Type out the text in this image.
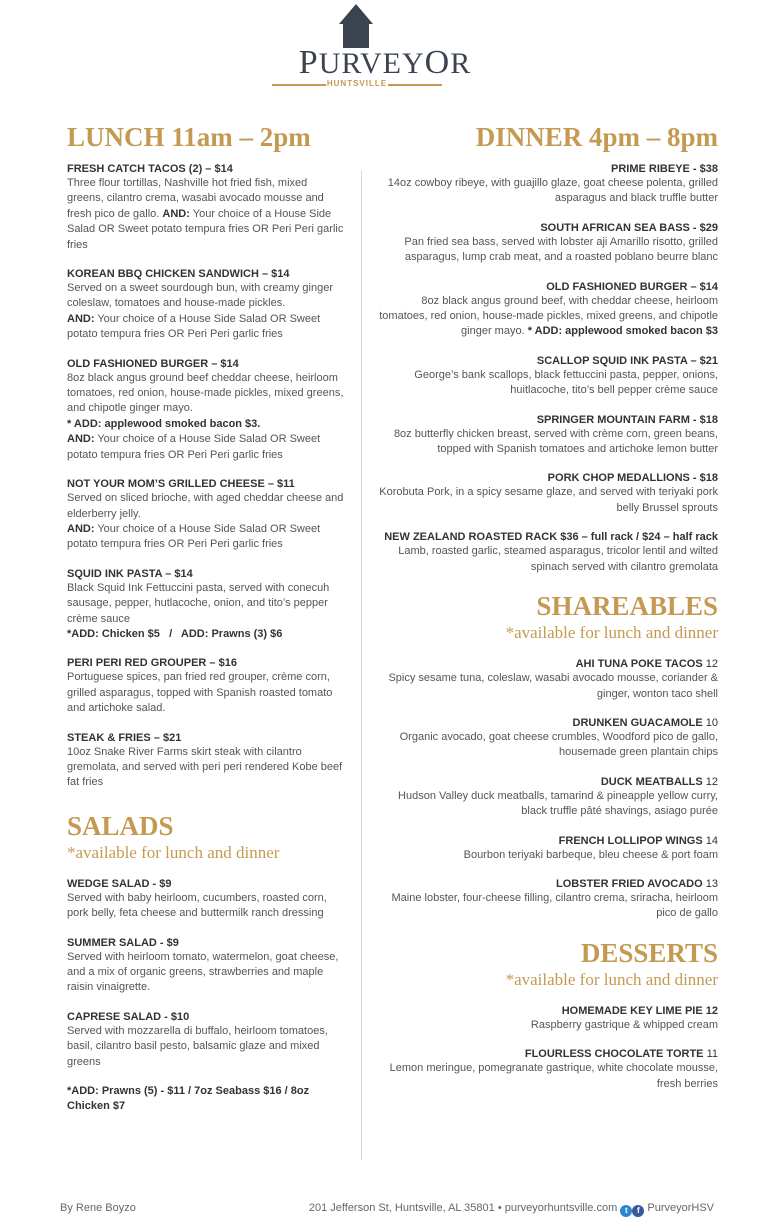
PURVEYOR
HUNTSVILLE
LUNCH 11am – 2pm
FRESH CATCH TACOS (2) – $14
Three flour tortillas, Nashville hot fried fish, mixed greens, cilantro crema, wasabi avocado mousse and fresh pico de gallo. AND: Your choice of a House Side Salad OR Sweet potato tempura fries OR Peri Peri garlic fries
KOREAN BBQ CHICKEN SANDWICH – $14
Served on a sweet sourdough bun, with creamy ginger coleslaw, tomatoes and house-made pickles.
AND: Your choice of a House Side Salad OR Sweet potato tempura fries OR Peri Peri garlic fries
OLD FASHIONED BURGER – $14
8oz black angus ground beef cheddar cheese, heirloom tomatoes, red onion, house-made pickles, mixed greens, and chipotle ginger mayo.
* ADD: applewood smoked bacon $3.
AND: Your choice of a House Side Salad OR Sweet potato tempura fries OR Peri Peri garlic fries
NOT YOUR MOM’S GRILLED CHEESE – $11
Served on sliced brioche, with aged cheddar cheese and elderberry jelly.
AND: Your choice of a House Side Salad OR Sweet potato tempura fries OR Peri Peri garlic fries
SQUID INK PASTA – $14
Black Squid Ink Fettuccini pasta, served with conecuh sausage, pepper, hutlacoche, onion, and tito’s pepper crème sauce
*ADD: Chicken $5   /   ADD: Prawns (3) $6
PERI PERI RED GROUPER – $16
Portuguese spices, pan fried red grouper, crème corn, grilled asparagus, topped with Spanish roasted tomato and artichoke salad.
STEAK & FRIES – $21
10oz Snake River Farms skirt steak with cilantro gremolata, and served with peri peri rendered Kobe beef fat fries
SALADS

*available for lunch and dinner

WEDGE SALAD - $9
Served with baby heirloom, cucumbers, roasted corn, pork belly, feta cheese and buttermilk ranch dressing
SUMMER SALAD - $9
Served with heirloom tomato, watermelon, goat cheese, and a mix of organic greens, strawberries and maple raisin vinaigrette.
CAPRESE SALAD - $10
Served with mozzarella di buffalo, heirloom tomatoes, basil, cilantro basil pesto, balsamic glaze and mixed greens
*ADD: Prawns (5) - $11 / 7oz Seabass $16 / 8oz Chicken $7
DINNER 4pm – 8pm
PRIME RIBEYE - $38
14oz cowboy ribeye, with guajillo glaze, goat cheese polenta, grilled asparagus and black truffle butter
SOUTH AFRICAN SEA BASS - $29
Pan fried sea bass, served with lobster aji Amarillo risotto, grilled asparagus, lump crab meat, and a roasted poblano beurre blanc
OLD FASHIONED BURGER – $14
8oz black angus ground beef, with cheddar cheese, heirloom tomatoes, red onion, house-made pickles, mixed greens, and chipotle ginger mayo. * ADD: applewood smoked bacon $3
SCALLOP SQUID INK PASTA – $21
George’s bank scallops, black fettuccini pasta, pepper, onions, huitlacoche, tito’s bell pepper crème sauce
SPRINGER MOUNTAIN FARM - $18
8oz butterfly chicken breast, served with crème corn, green beans, topped with Spanish tomatoes and artichoke lemon butter
PORK CHOP MEDALLIONS - $18
Korobuta Pork, in a spicy sesame glaze, and served with teriyaki pork belly Brussel sprouts
NEW ZEALAND ROASTED RACK $36 – full rack / $24 – half rack
Lamb, roasted garlic, steamed asparagus, tricolor lentil and wilted spinach served with cilantro gremolata
SHAREABLES

*available for lunch and dinner

AHI TUNA POKE TACOS 12
Spicy sesame tuna, coleslaw, wasabi avocado mousse, coriander & ginger, wonton taco shell
DRUNKEN GUACAMOLE 10
Organic avocado, goat cheese crumbles, Woodford pico de gallo, housemade green plantain chips
DUCK MEATBALLS 12
Hudson Valley duck meatballs, tamarind & pineapple yellow curry, black truffle pâté shavings, asiago purée
FRENCH LOLLIPOP WINGS 14
Bourbon teriyaki barbeque, bleu cheese & port foam
LOBSTER FRIED AVOCADO 13
Maine lobster, four-cheese filling, cilantro crema, sriracha, heirloom pico de gallo
DESSERTS

*available for lunch and dinner

HOMEMADE KEY LIME PIE 12
Raspberry gastrique & whipped cream
FLOURLESS CHOCOLATE TORTE 11
Lemon meringue, pomegranate gastrique, white chocolate mousse, fresh berries
By Rene Boyzo	201 Jefferson St, Huntsville, AL 35801 • purveyorhuntsville.com t f PurveyorHSV
